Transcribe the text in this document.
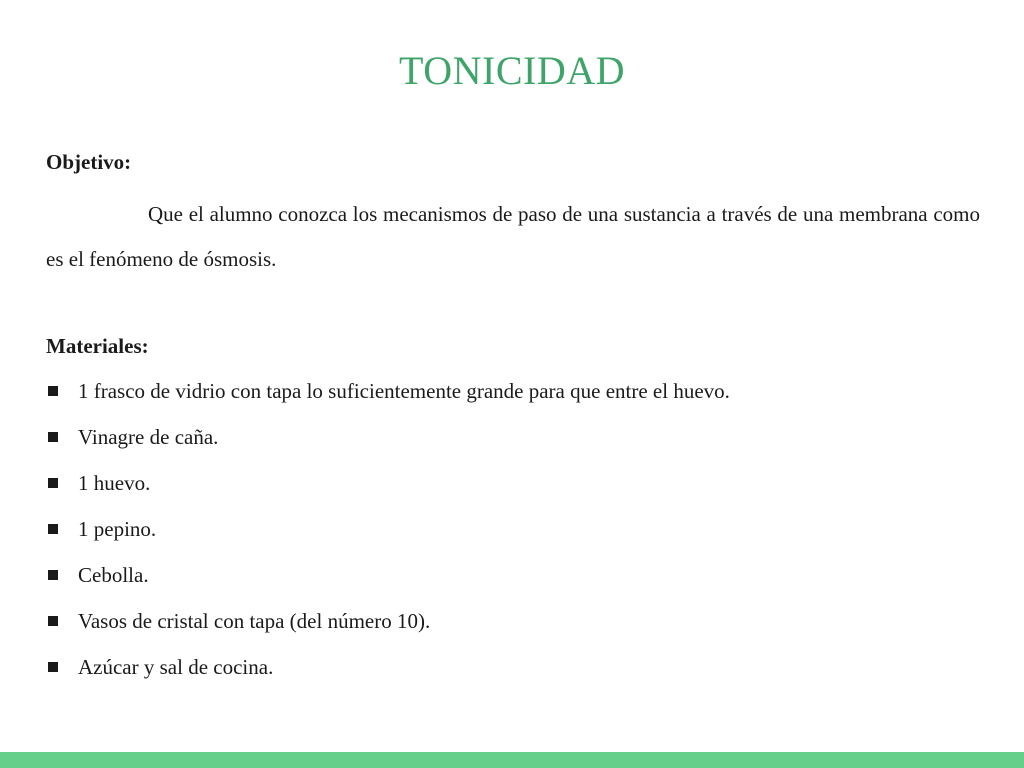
TONICIDAD
Objetivo:
Que el alumno conozca los mecanismos de paso de una sustancia a través de una membrana como es el fenómeno de ósmosis.
Materiales:
1 frasco de vidrio con tapa lo suficientemente grande para que entre el huevo.
Vinagre de caña.
1 huevo.
1 pepino.
Cebolla.
Vasos de cristal con tapa (del número 10).
Azúcar y sal de cocina.
